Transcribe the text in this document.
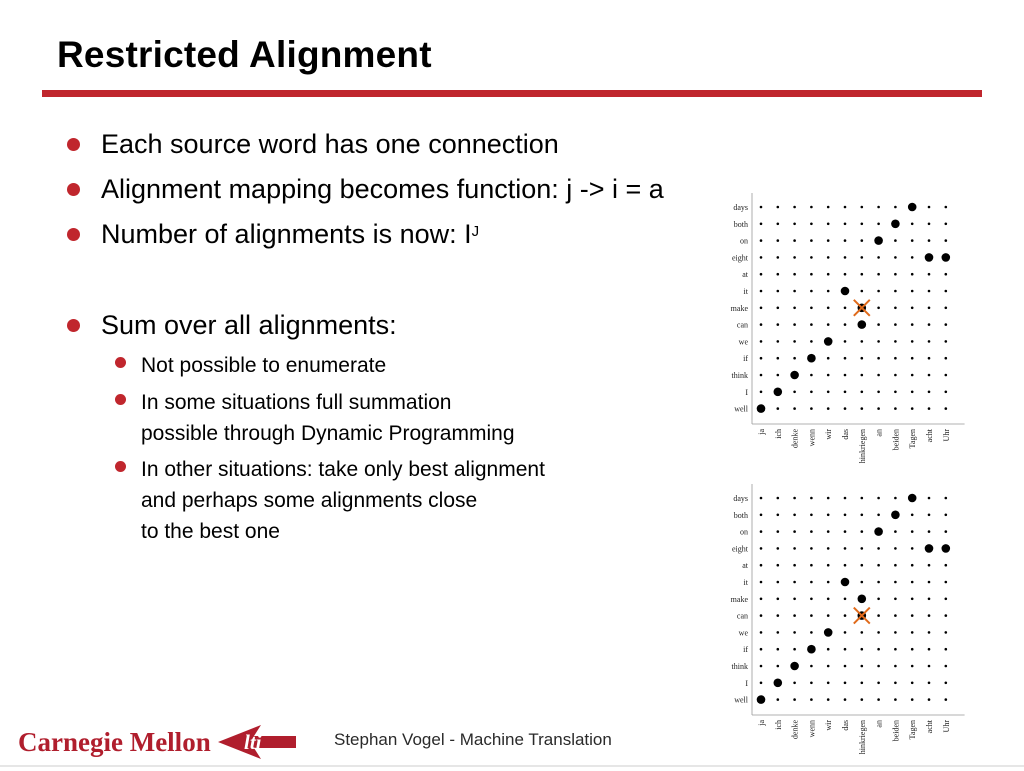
Restricted Alignment
Each source word has one connection
Alignment mapping becomes function: j -> i = a
Number of alignments is now: $I^J$
Sum over all alignments:
Not possible to enumerate
In some situations full summation
possible through Dynamic Programming
In other situations: take only best alignment
and perhaps some alignments close
to the best one
days
both
on
eight
at
it
make
can
we
if
think
I
well
ja ich denke wenn wir das hinkriegen an beiden Tagen acht Uhr
days
both
on
eight
at
it
make
can
we
if
think
I
well
ja ich denke wenn wir das hinkriegen an beiden Tagen acht Uhr
Carnegie Mellon lti	Stephan Vogel - Machine Translation
